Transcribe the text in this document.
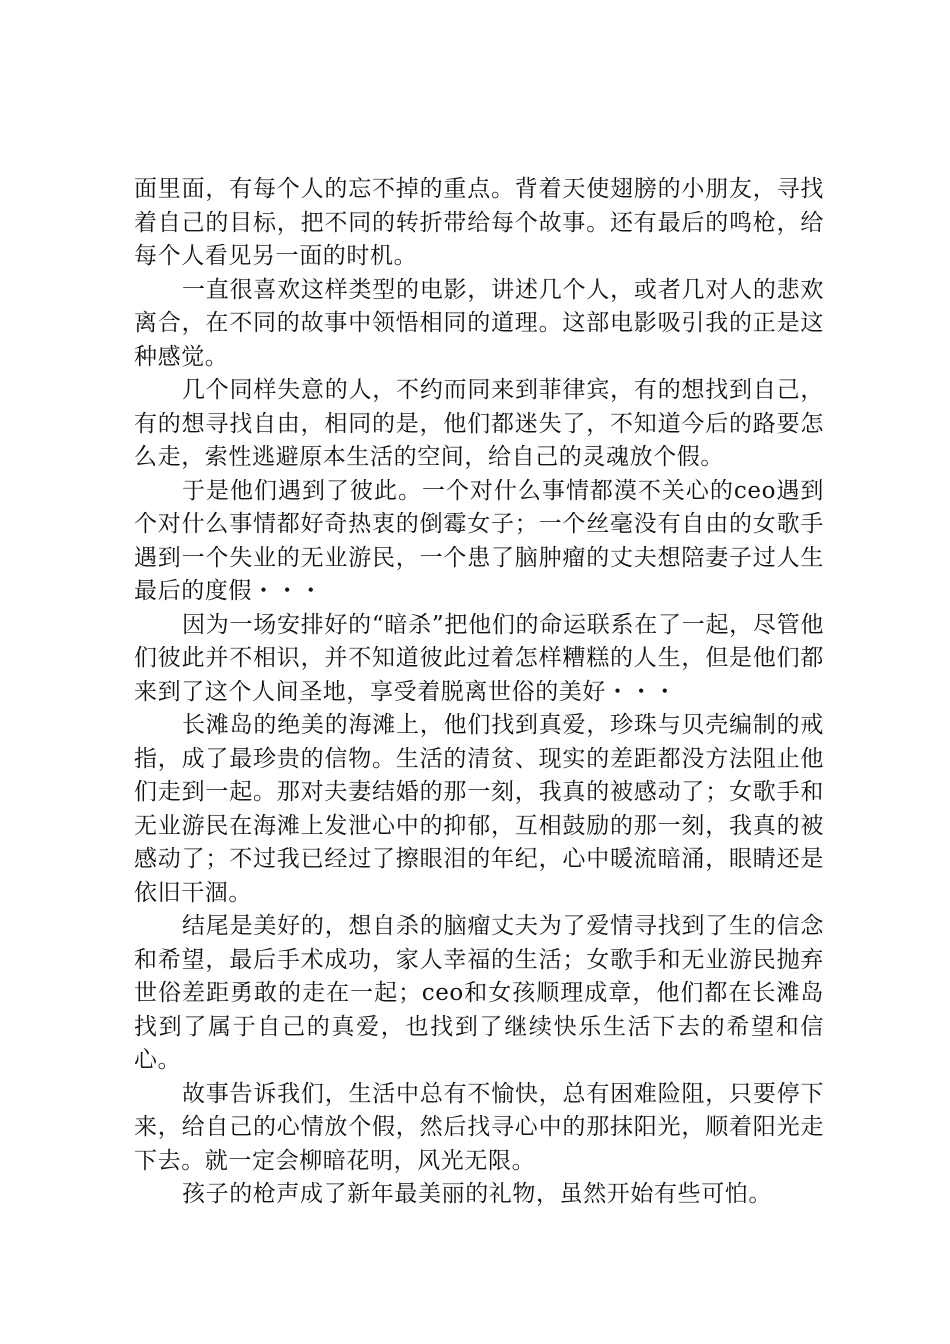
面里面，有每个人的忘不掉的重点。背着天使翅膀的小朋友，寻找着自己的目标，把不同的转折带给每个故事。还有最后的鸣枪，给每个人看见另一面的时机。

一直很喜欢这样类型的电影，讲述几个人，或者几对人的悲欢离合，在不同的故事中领悟相同的道理。这部电影吸引我的正是这种感觉。

几个同样失意的人，不约而同来到菲律宾，有的想找到自己，有的想寻找自由，相同的是，他们都迷失了，不知道今后的路要怎么走，索性逃避原本生活的空间，给自己的灵魂放个假。

于是他们遇到了彼此。一个对什么事情都漠不关心的ceo遇到个对什么事情都好奇热衷的倒霉女子；一个丝毫没有自由的女歌手遇到一个失业的无业游民，一个患了脑肿瘤的丈夫想陪妻子过人生最后的度假・・・

因为一场安排好的“暗杀”把他们的命运联系在了一起，尽管他们彼此并不相识，并不知道彼此过着怎样糟糕的人生，但是他们都来到了这个人间圣地，享受着脱离世俗的美好・・・

长滩岛的绝美的海滩上，他们找到真爱，珍珠与贝壳编制的戒指，成了最珍贵的信物。生活的清贫、现实的差距都没方法阻止他们走到一起。那对夫妻结婚的那一刻，我真的被感动了；女歌手和无业游民在海滩上发泄心中的抑郁，互相鼓励的那一刻，我真的被感动了；不过我已经过了擦眼泪的年纪，心中暖流暗涌，眼睛还是依旧干涸。

结尾是美好的，想自杀的脑瘤丈夫为了爱情寻找到了生的信念和希望，最后手术成功，家人幸福的生活；女歌手和无业游民抛弃世俗差距勇敢的走在一起；ceo和女孩顺理成章，他们都在长滩岛找到了属于自己的真爱，也找到了继续快乐生活下去的希望和信心。

故事告诉我们，生活中总有不愉快，总有困难险阻，只要停下来，给自己的心情放个假，然后找寻心中的那抹阳光，顺着阳光走下去。就一定会柳暗花明，风光无限。

孩子的枪声成了新年最美丽的礼物，虽然开始有些可怕。
